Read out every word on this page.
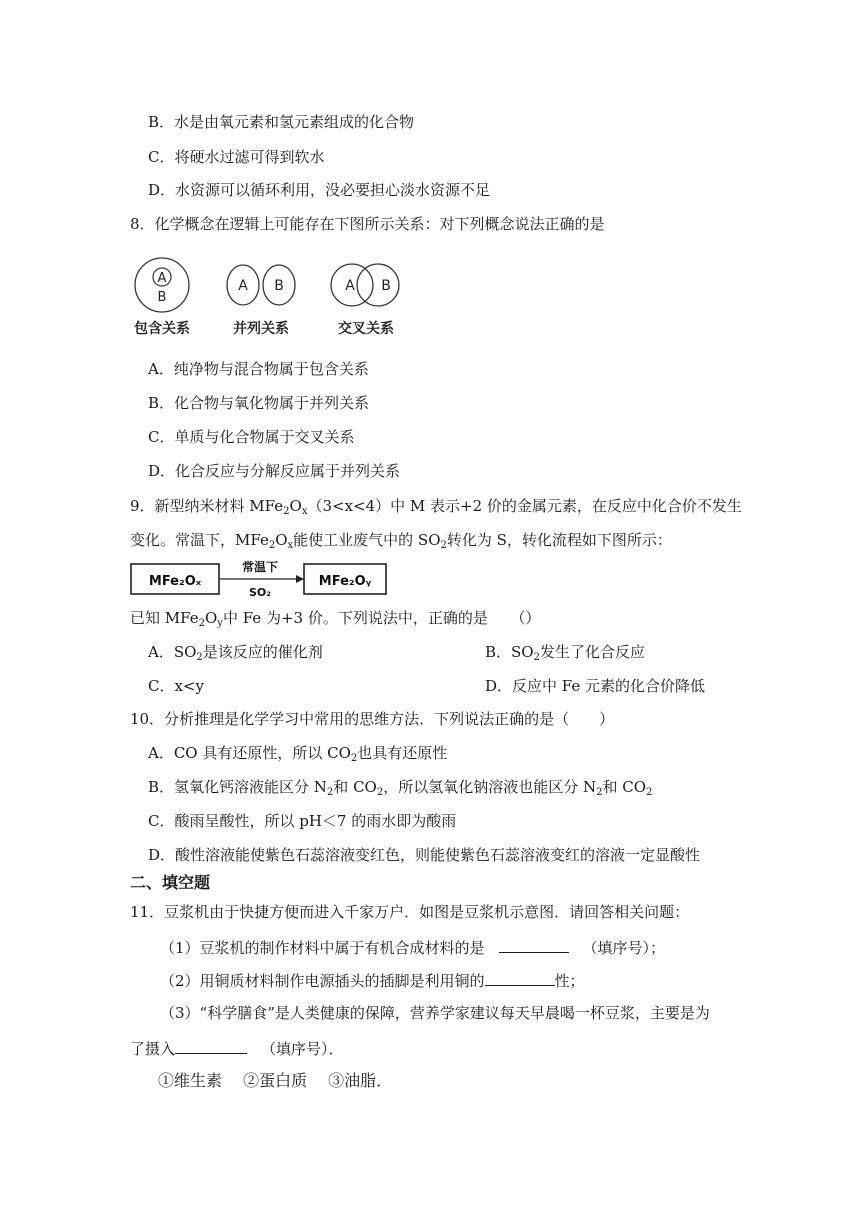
B．水是由氧元素和氢元素组成的化合物
C．将硬水过滤可得到软水
D．水资源可以循环利用，没必要担心淡水资源不足
8．化学概念在逻辑上可能存在下图所示关系：对下列概念说法正确的是
A
B
包含关系
A B
并列关系
A B
交叉关系
A．纯净物与混合物属于包含关系
B．化合物与氧化物属于并列关系
C．单质与化合物属于交叉关系
D．化合反应与分解反应属于并列关系
9．新型纳米材料 $MFe_2O_x(3<x<4)$中 M 表示+2 价的金属元素，在反应中化合价不发生
变化。常温下，$MFe_2O_x$能使工业废气中的 $SO_2$转化为 S，转化流程如下图所示：
MFe₂Oₓ
常温下
SO₂
MFe₂Oᵧ
已知 $MFe_2O_y$中 Fe 为+3 价。下列说法中，正确的是　　（）
A．$SO_2$是该反应的催化剂	B．$SO_2$发生了化合反应
C．x<y	D．反应中 Fe 元素的化合价降低
10．分析推理是化学学习中常用的思维方法．下列说法正确的是（　　）
A．CO 具有还原性，所以 $CO_2$也具有还原性
B．氢氧化钙溶液能区分 $N_2$和 $CO_2$，所以氢氧化钠溶液也能区分 $N_2$和 $CO_2$
C．酸雨呈酸性，所以 pH＜7 的雨水即为酸雨
D．酸性溶液能使紫色石蕊溶液变红色，则能使紫色石蕊溶液变红的溶液一定显酸性
二、填空题
11．豆浆机由于快捷方便而进入千家万户．如图是豆浆机示意图．请回答相关问题：
（1）豆浆机的制作材料中属于有机合成材料的是	（填序号）；
（2）用铜质材料制作电源插头的插脚是利用铜的	性；
（3）“科学膳食”是人类健康的保障，营养学家建议每天早晨喝一杯豆浆，主要是为
了摄入	（填序号）．
①维生素　 ②蛋白质　 ③油脂．
